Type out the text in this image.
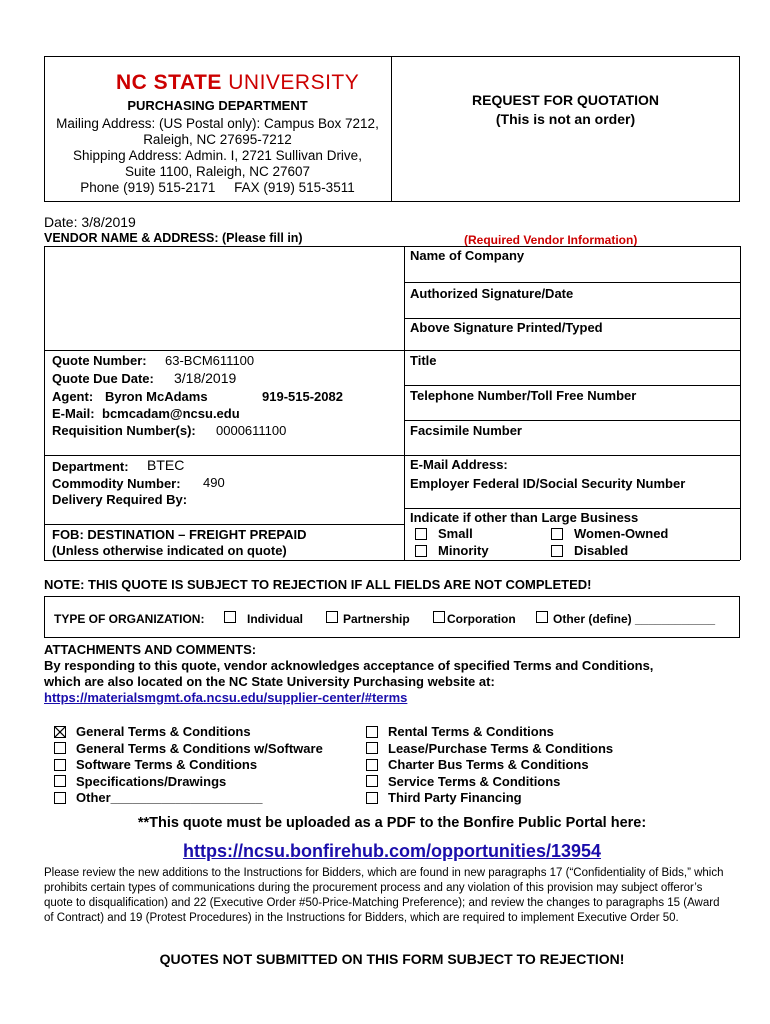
NC STATE UNIVERSITY
PURCHASING DEPARTMENT
Mailing Address: (US Postal only): Campus Box 7212,
Raleigh, NC 27695-7212
Shipping Address: Admin. I, 2721 Sullivan Drive,
Suite 1100, Raleigh, NC 27607
Phone (919) 515-2171     FAX (919) 515-3511
REQUEST FOR QUOTATION
(This is not an order)
Date: 3/8/2019
VENDOR NAME & ADDRESS: (Please fill in)	(Required Vendor Information)
Name of Company
Authorized Signature/Date
Above Signature Printed/Typed
Title
Telephone Number/Toll Free Number
Facsimile Number
E-Mail Address:
Employer Federal ID/Social Security Number
Quote Number: 63-BCM611100
Quote Due Date: 3/18/2019
Agent: Byron McAdams	919-515-2082
E-Mail: bcmcadam@ncsu.edu
Requisition Number(s): 0000611100
Department: BTEC
Commodity Number: 490
Delivery Required By:
FOB: DESTINATION – FREIGHT PREPAID
(Unless otherwise indicated on quote)
Indicate if other than Large Business
Small	Women-Owned
Minority	Disabled
NOTE: THIS QUOTE IS SUBJECT TO REJECTION IF ALL FIELDS ARE NOT COMPLETED!
TYPE OF ORGANIZATION:	Individual	Partnership	Corporation	Other (define) ____________
ATTACHMENTS AND COMMENTS:
By responding to this quote, vendor acknowledges acceptance of specified Terms and Conditions,
which are also located on the NC State University Purchasing website at:
https://materialsmgmt.ofa.ncsu.edu/supplier-center/#terms
General Terms & Conditions
General Terms & Conditions w/Software
Software Terms & Conditions
Specifications/Drawings
Other_____________________
Rental Terms & Conditions
Lease/Purchase Terms & Conditions
Charter Bus Terms & Conditions
Service Terms & Conditions
Third Party Financing
**This quote must be uploaded as a PDF to the Bonfire Public Portal here:
https://ncsu.bonfirehub.com/opportunities/13954
Please review the new additions to the Instructions for Bidders, which are found in new paragraphs 17 (“Confidentiality of Bids,” which prohibits certain types of communications during the procurement process and any violation of this provision may subject offeror’s quote to disqualification) and 22 (Executive Order #50-Price-Matching Preference); and review the changes to paragraphs 15 (Award of Contract) and 19 (Protest Procedures) in the Instructions for Bidders, which are required to implement Executive Order 50.
QUOTES NOT SUBMITTED ON THIS FORM SUBJECT TO REJECTION!
